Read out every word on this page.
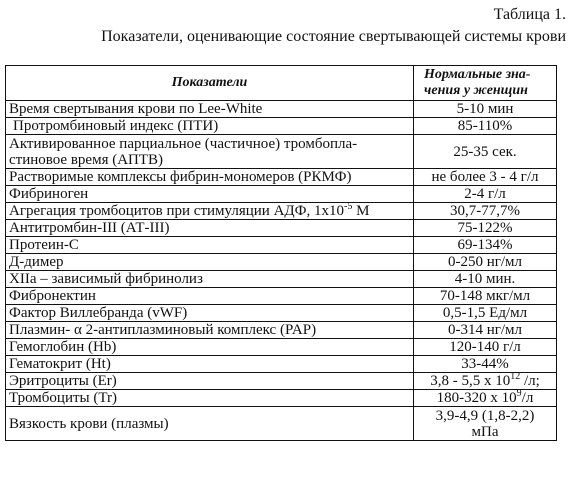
Таблица 1.
Показатели, оценивающие состояние свертывающей системы крови
Показатели	Нормальные зна-
чения у женщин
Время свертывания крови по Lee-White	5-10 мин
Протромбиновый индекс (ПТИ)	85-110%
Активированное парциальное (частичное) тромбопла-
стиновое время (АПТВ)	25-35 сек.
Растворимые комплексы фибрин-мономеров (РКМФ)	не более 3 - 4 г/л
Фибриноген	2-4 г/л
Агрегация тромбоцитов при стимуляции АДФ, $1х10^{-5}$ М	30,7-77,7%
Антитромбин-III (АТ-III)	75-122%
Протеин-С	69-134%
Д-димер	0-250 нг/мл
XIIa – зависимый фибринолиз	4-10 мин.
Фибронектин	70-148 мкг/мл
Фактор Виллебранда (vWF)	0,5-1,5 Ед/мл
Плазмин- α 2-антиплазминовый комплекс (PAP)	0-314 нг/мл
Гемоглобин (Hb)	120-140 г/л
Гематокрит (Ht)	33-44%
Эритроциты (Er)	3,8 - 5,5 х $10^{12}$ /л;
Тромбоциты (Tr)	180-320 х $10^9/л$
Вязкость крови (плазмы)	3,9-4,9 (1,8-2,2)
мПа
